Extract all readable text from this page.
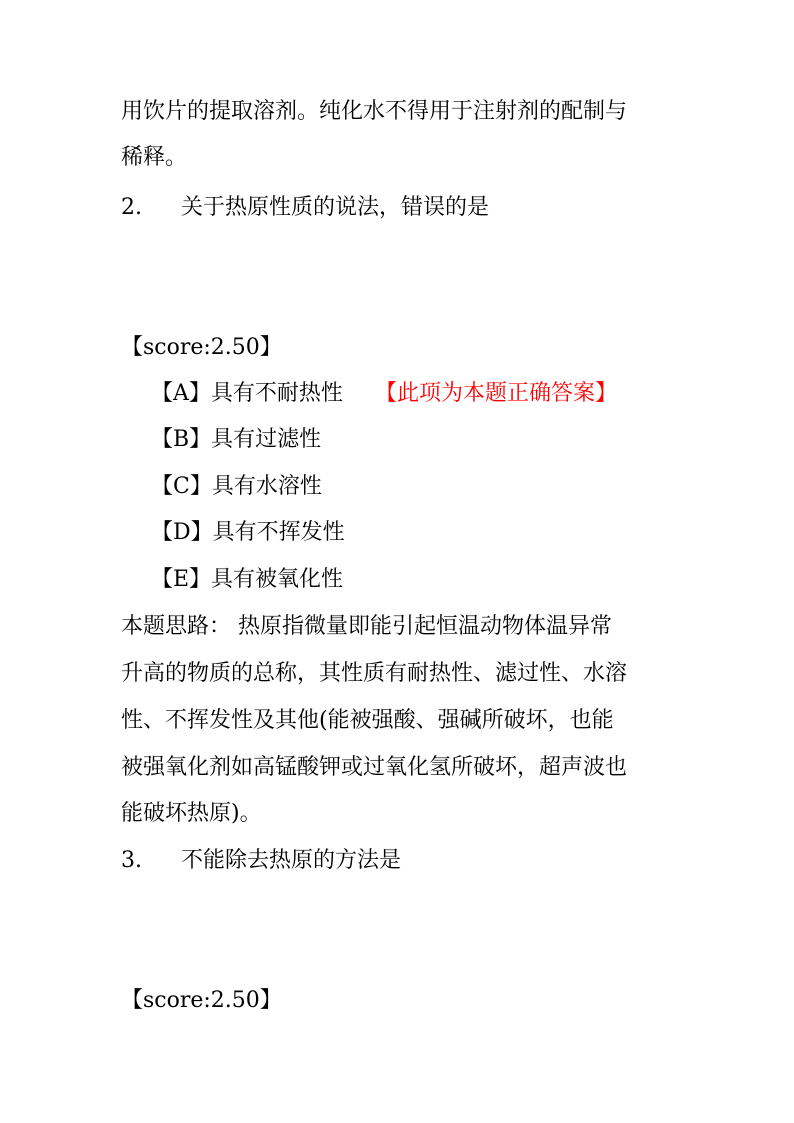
用饮片的提取溶剂。纯化水不得用于注射剂的配制与
稀释。
2. 关于热原性质的说法，错误的是
【score:2.50】
【A】具有不耐热性 【此项为本题正确答案】
【B】具有过滤性
【C】具有水溶性
【D】具有不挥发性
【E】具有被氧化性
本题思路： 热原指微量即能引起恒温动物体温异常
升高的物质的总称，其性质有耐热性、滤过性、水溶
性、不挥发性及其他(能被强酸、强碱所破坏，也能
被强氧化剂如高锰酸钾或过氧化氢所破坏，超声波也
能破坏热原)。
3. 不能除去热原的方法是
【score:2.50】
